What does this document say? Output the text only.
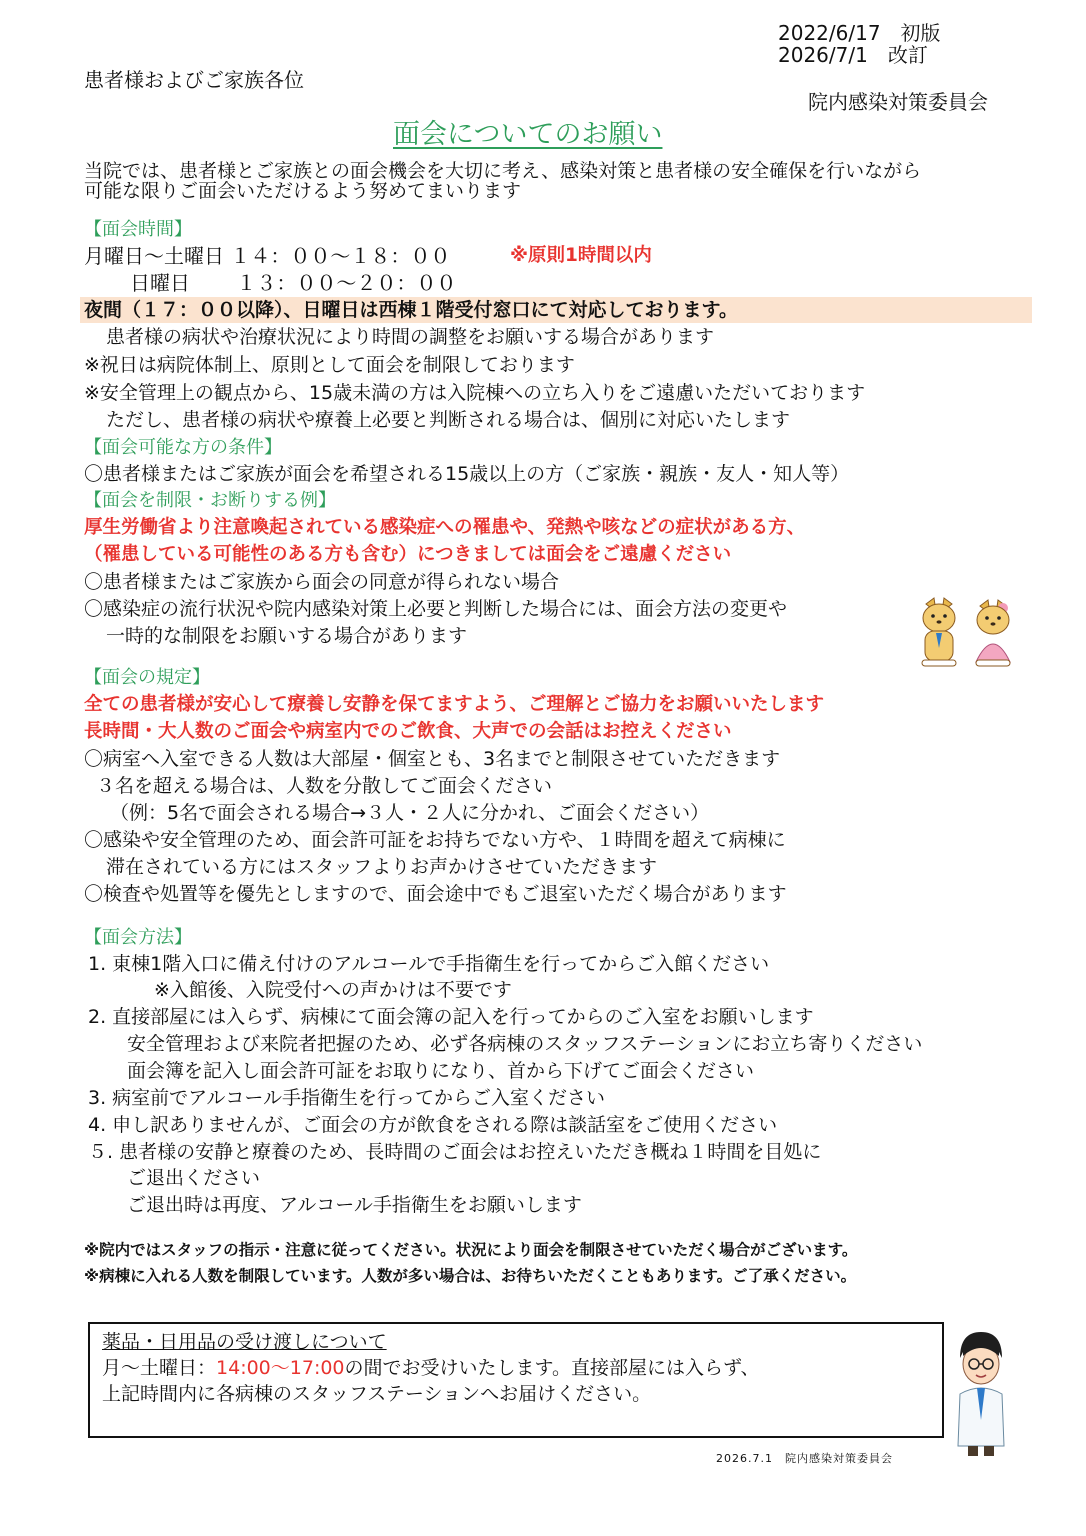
2022/6/17　初版
2026/7/1　改訂
患者様およびご家族各位
院内感染対策委員会
面会についてのお願い
当院では、患者様とご家族との面会機会を大切に考え、感染対策と患者様の安全確保を行いながら
可能な限りご面会いただけるよう努めてまいります
【面会時間】
月曜日～土曜日 １４：００～１８：００	※原則1時間以内
日曜日　　 １３：００～２０：００
夜間（１７：００以降）、日曜日は西棟１階受付窓口にて対応しております。
患者様の病状や治療状況により時間の調整をお願いする場合があります
※祝日は病院体制上、原則として面会を制限しております
※安全管理上の観点から、15歳未満の方は入院棟への立ち入りをご遠慮いただいております
ただし、患者様の病状や療養上必要と判断される場合は、個別に対応いたします
【面会可能な方の条件】
〇患者様またはご家族が面会を希望される15歳以上の方（ご家族・親族・友人・知人等）
【面会を制限・お断りする例】
厚生労働省より注意喚起されている感染症への罹患や、発熱や咳などの症状がある方、
（罹患している可能性のある方も含む）につきましては面会をご遠慮ください
〇患者様またはご家族から面会の同意が得られない場合
〇感染症の流行状況や院内感染対策上必要と判断した場合には、面会方法の変更や
一時的な制限をお願いする場合があります
【面会の規定】
全ての患者様が安心して療養し安静を保てますよう、ご理解とご協力をお願いいたします
長時間・大人数のご面会や病室内でのご飲食、大声での会話はお控えください
〇病室へ入室できる人数は大部屋・個室とも、3名までと制限させていただきます
３名を超える場合は、人数を分散してご面会ください
（例：5名で面会される場合→３人・２人に分かれ、ご面会ください）
〇感染や安全管理のため、面会許可証をお持ちでない方や、１時間を超えて病棟に
滞在されている方にはスタッフよりお声かけさせていただきます
〇検査や処置等を優先としますので、面会途中でもご退室いただく場合があります
【面会方法】
1. 東棟1階入口に備え付けのアルコールで手指衛生を行ってからご入館ください
※入館後、入院受付への声かけは不要です
2. 直接部屋には入らず、病棟にて面会簿の記入を行ってからのご入室をお願いします
安全管理および来院者把握のため、必ず各病棟のスタッフステーションにお立ち寄りください
面会簿を記入し面会許可証をお取りになり、首から下げてご面会ください
3. 病室前でアルコール手指衛生を行ってからご入室ください
4. 申し訳ありませんが、ご面会の方が飲食をされる際は談話室をご使用ください
５. 患者様の安静と療養のため、長時間のご面会はお控えいただき概ね１時間を目処に
ご退出ください
ご退出時は再度、アルコール手指衛生をお願いします
※院内ではスタッフの指示・注意に従ってください。状況により面会を制限させていただく場合がございます。
※病棟に入れる人数を制限しています。人数が多い場合は、お待ちいただくこともあります。ご了承ください。
薬品・日用品の受け渡しについて
月～土曜日：14:00～17:00の間でお受けいたします。直接部屋には入らず、
上記時間内に各病棟のスタッフステーションへお届けください。
2026.7.1　院内感染対策委員会
